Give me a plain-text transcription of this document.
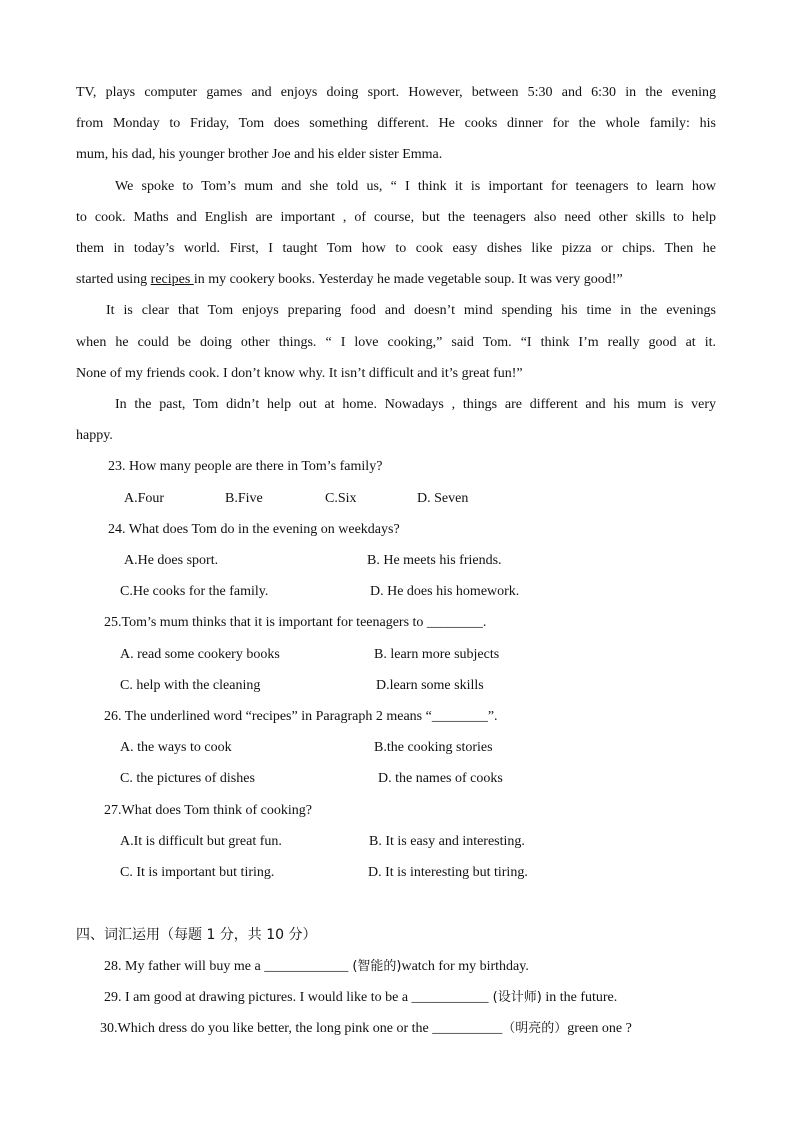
TV, plays computer games and enjoys doing sport. However, between 5:30 and 6:30 in the evening
from Monday to Friday, Tom does something different. He cooks dinner for the whole family: his
mum, his dad, his younger brother Joe and his elder sister Emma.
We spoke to Tom’s mum and she told us, “ I think it is important for teenagers to learn how
to cook. Maths and English are important , of course, but the teenagers also need other skills to help
them in today’s world. First, I taught Tom how to cook easy dishes like pizza or chips. Then he
started using recipes in my cookery books. Yesterday he made vegetable soup. It was very good!”
It is clear that Tom enjoys preparing food and doesn’t mind spending his time in the evenings
when he could be doing other things. “ I love cooking,” said Tom. “I think I’m really good at it.
None of my friends cook. I don’t know why. It isn’t difficult and it’s great fun!”
In the past, Tom didn’t help out at home. Nowadays , things are different and his mum is very
happy.
23. How many people are there in Tom’s family?
A.Four	B.Five	C.Six	D. Seven
24. What does Tom do in the evening on weekdays?
A.He does sport.	B. He meets his friends.
C.He cooks for the family.	D. He does his homework.
25.Tom’s mum thinks that it is important for teenagers to ________.
A. read some cookery books	B. learn more subjects
C. help with the cleaning	D.learn some skills
26. The underlined word “recipes” in Paragraph 2 means “________”.
A. the ways to cook	B.the cooking stories
C. the pictures of dishes	D. the names of cooks
27.What does Tom think of cooking?
A.It is difficult but great fun.	B. It is easy and interesting.
C. It is important but tiring.	D. It is interesting but tiring.
四、词汇运用（每题 1 分，共 10 分）
28. My father will buy me a ____________ (智能的)watch for my birthday.
29. I am good at drawing pictures. I would like to be a ___________ (设计师) in the future.
30.Which dress do you like better, the long pink one or the __________（明亮的）green one ?
